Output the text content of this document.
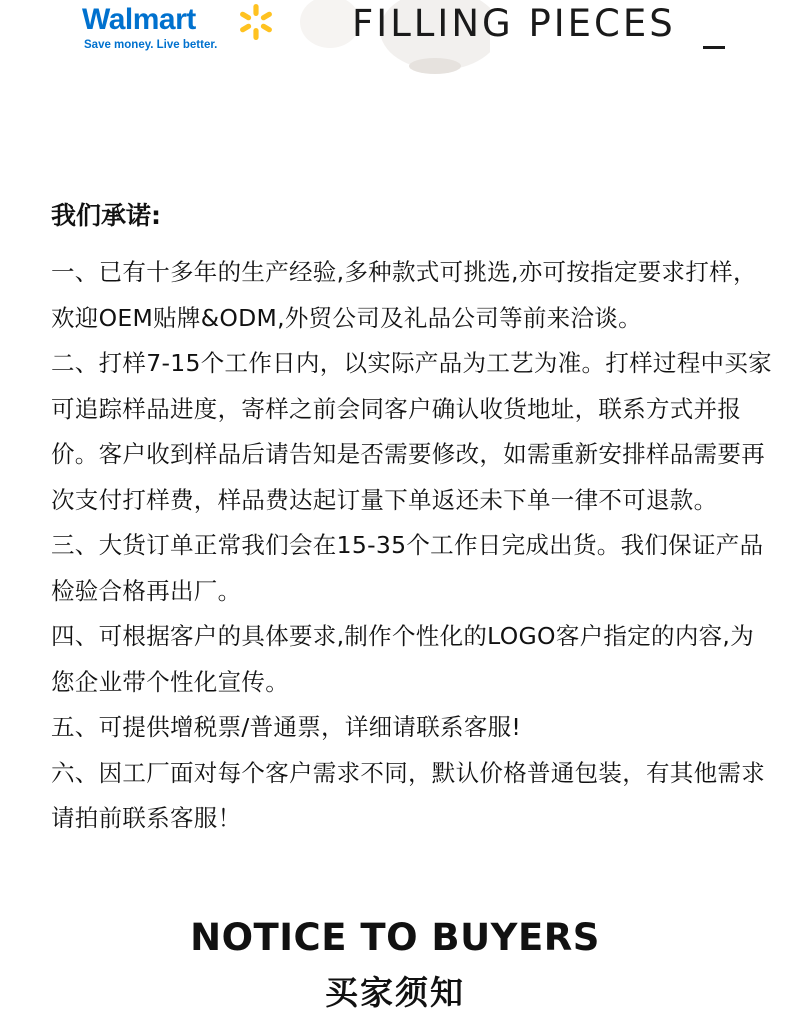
Walmart
Save money. Live better.	FILLING PIECES
我们承诺:
一、已有十多年的生产经验,多种款式可挑选,亦可按指定要求打样，欢迎OEM贴牌&ODM,外贸公司及礼品公司等前来洽谈。
二、打样7-15个工作日内，以实际产品为工艺为准。打样过程中买家可追踪样品进度，寄样之前会同客户确认收货地址，联系方式并报价。客户收到样品后请告知是否需要修改，如需重新安排样品需要再次支付打样费，样品费达起订量下单返还未下单一律不可退款。
三、大货订单正常我们会在15-35个工作日完成出货。我们保证产品检验合格再出厂。
四、可根据客户的具体要求,制作个性化的LOGO客户指定的内容,为您企业带个性化宣传。
五、可提供增税票/普通票，详细请联系客服!
六、因工厂面对每个客户需求不同，默认价格普通包装，有其他需求请拍前联系客服！
NOTICE TO BUYERS
买家须知
